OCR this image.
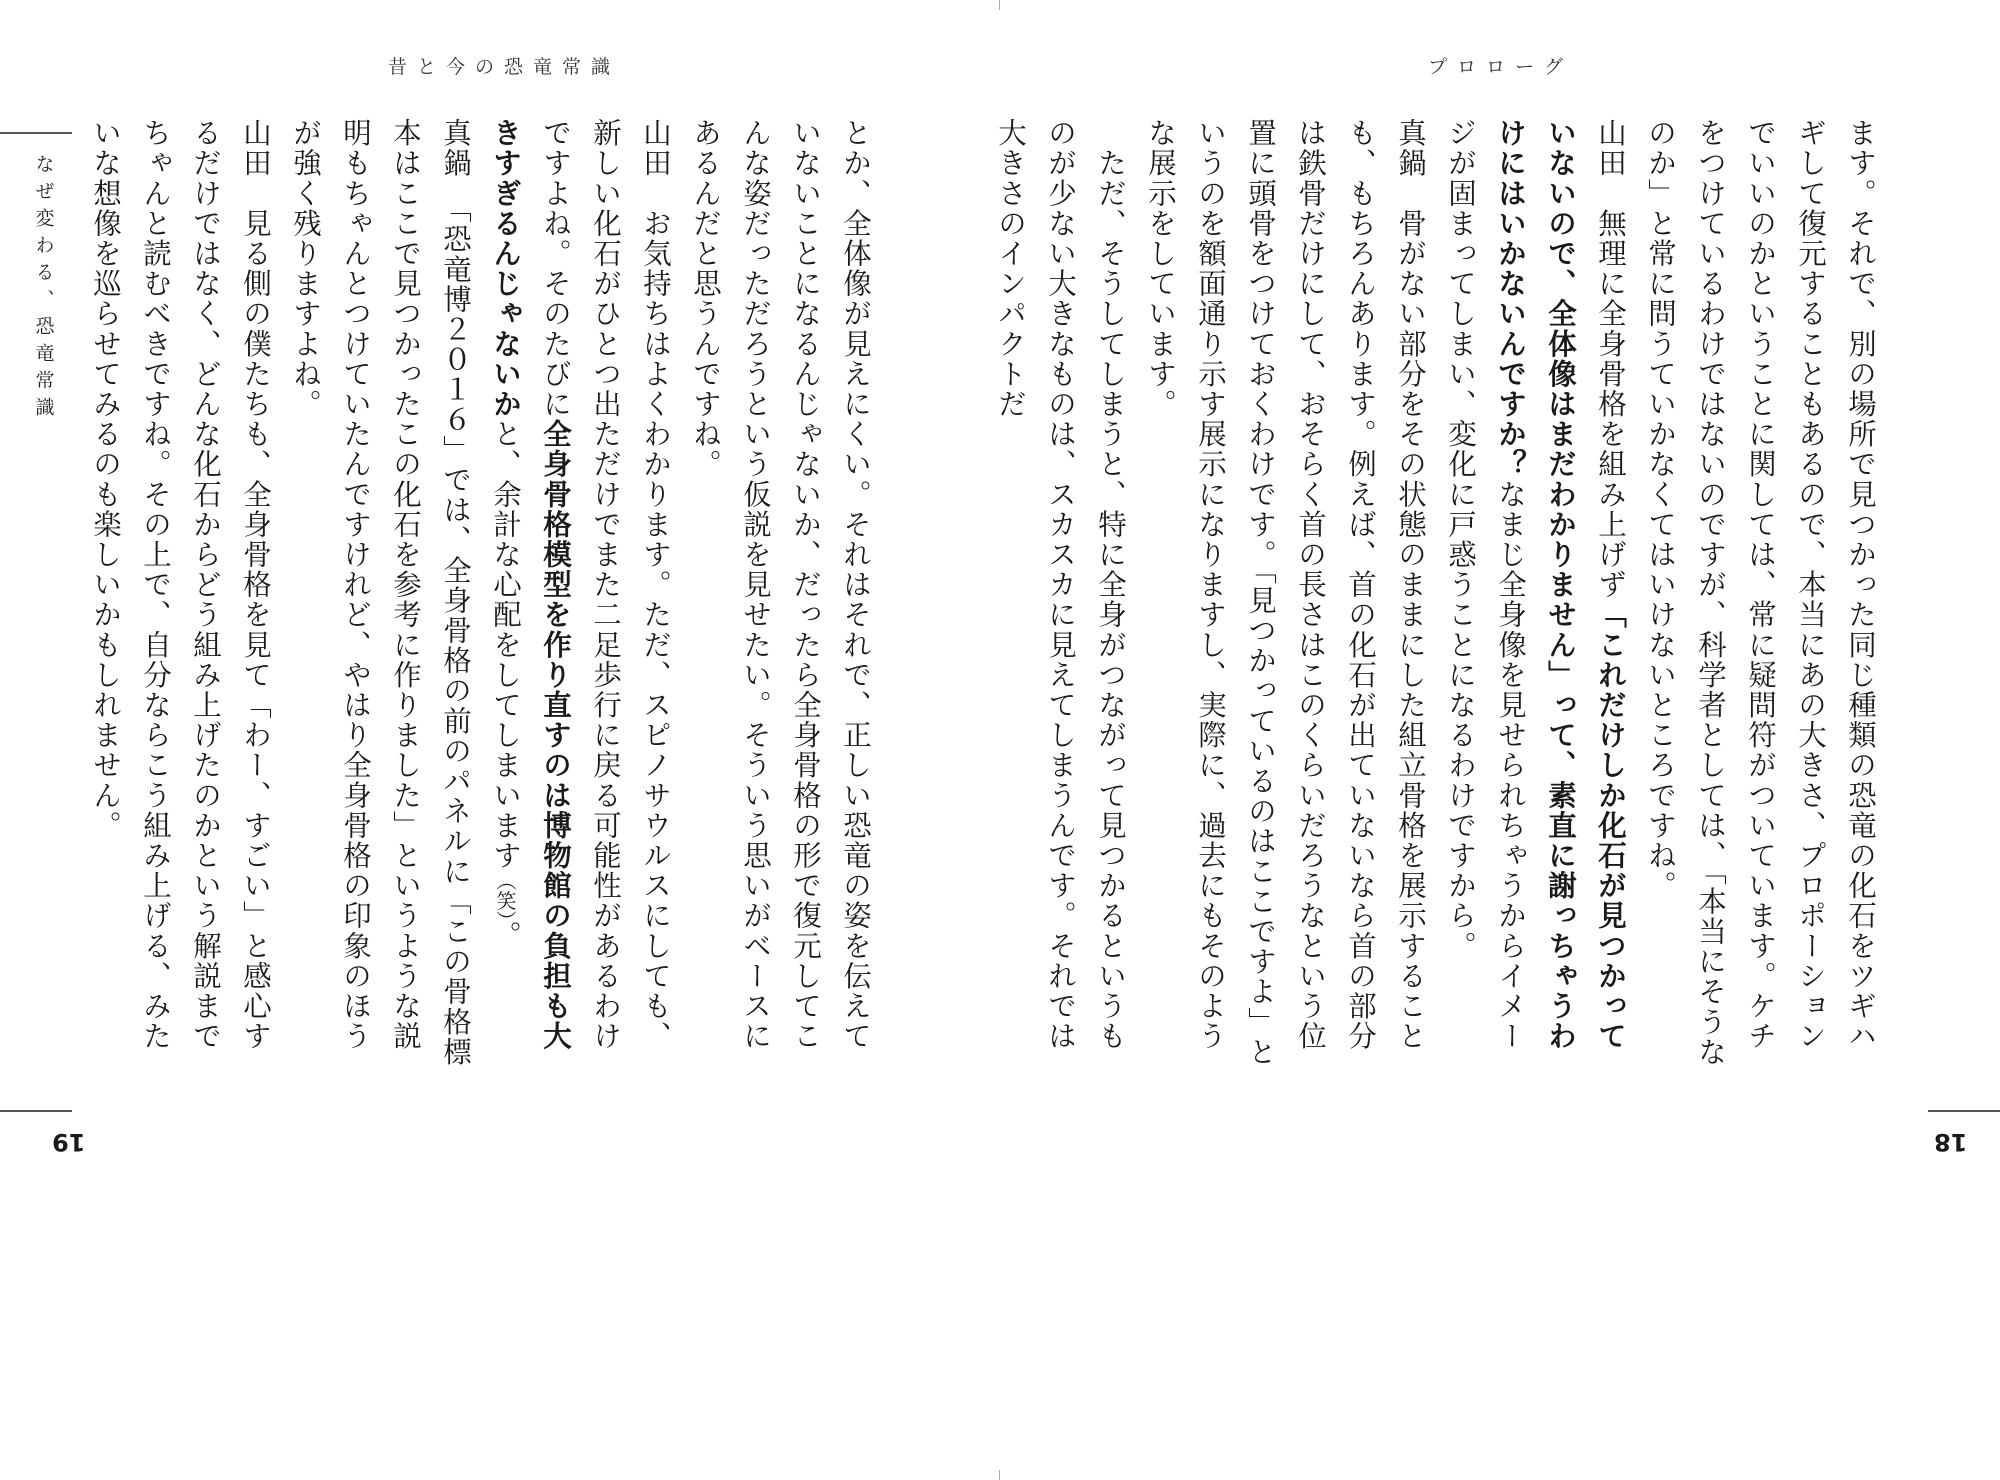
プロローグ

ます。それで、別の場所で見つかった同じ種類の恐竜の化石をツギハギして復元することもあるので、本当にあの大きさ、プロポーションでいいのかということに関しては、常に疑問符がついています。ケチをつけているわけではないのですが、科学者としては、「本当にそうなのか」と常に問うていかなくてはいけないところですね。

山田　無理に全身骨格を組み上げず「これだけしか化石が見つかっていないので、全体像はまだわかりません」って、素直に謝っちゃうわけにはいかないんですか？なまじ全身像を見せられちゃうからイメージが固まってしまい、変化に戸惑うことになるわけですから。

真鍋　骨がない部分をその状態のままにした組立骨格を展示することも、もちろんあります。例えば、首の化石が出ていないなら首の部分は鉄骨だけにして、おそらく首の長さはこのくらいだろうなという位置に頭骨をつけておくわけです。「見つかっているのはここですよ」というのを額面通り示す展示になりますし、実際に、過去にもそのような展示をしています。

　ただ、そうしてしまうと、特に全身がつながって見つかるというものが少ない大きなものは、スカスカに見えてしまうんです。それでは大きさのインパクトだ

18
昔と今の恐竜常識
なぜ変わる、恐竜常識	とか、全体像が見えにくい。それはそれで、正しい恐竜の姿を伝えていないことになるんじゃないか、だったら全身骨格の形で復元してこんな姿だっただろうという仮説を見せたい。そういう思いがベースにあるんだと思うんですね。

山田　お気持ちはよくわかります。ただ、スピノサウルスにしても、新しい化石がひとつ出ただけでまた二足歩行に戻る可能性があるわけですよね。そのたびに全身骨格模型を作り直すのは博物館の負担も大きすぎるんじゃないかと、余計な心配をしてしまいます（笑）。

真鍋　「恐竜博２０１６」では、全身骨格の前のパネルに「この骨格標本はここで見つかったこの化石を参考に作りました」というような説明もちゃんとつけていたんですけれど、やはり全身骨格の印象のほうが強く残りますよね。

山田　見る側の僕たちも、全身骨格を見て「わー、すごい」と感心するだけではなく、どんな化石からどう組み上げたのかという解説までちゃんと読むべきですね。その上で、自分ならこう組み上げる、みたいな想像を巡らせてみるのも楽しいかもしれません。

19
